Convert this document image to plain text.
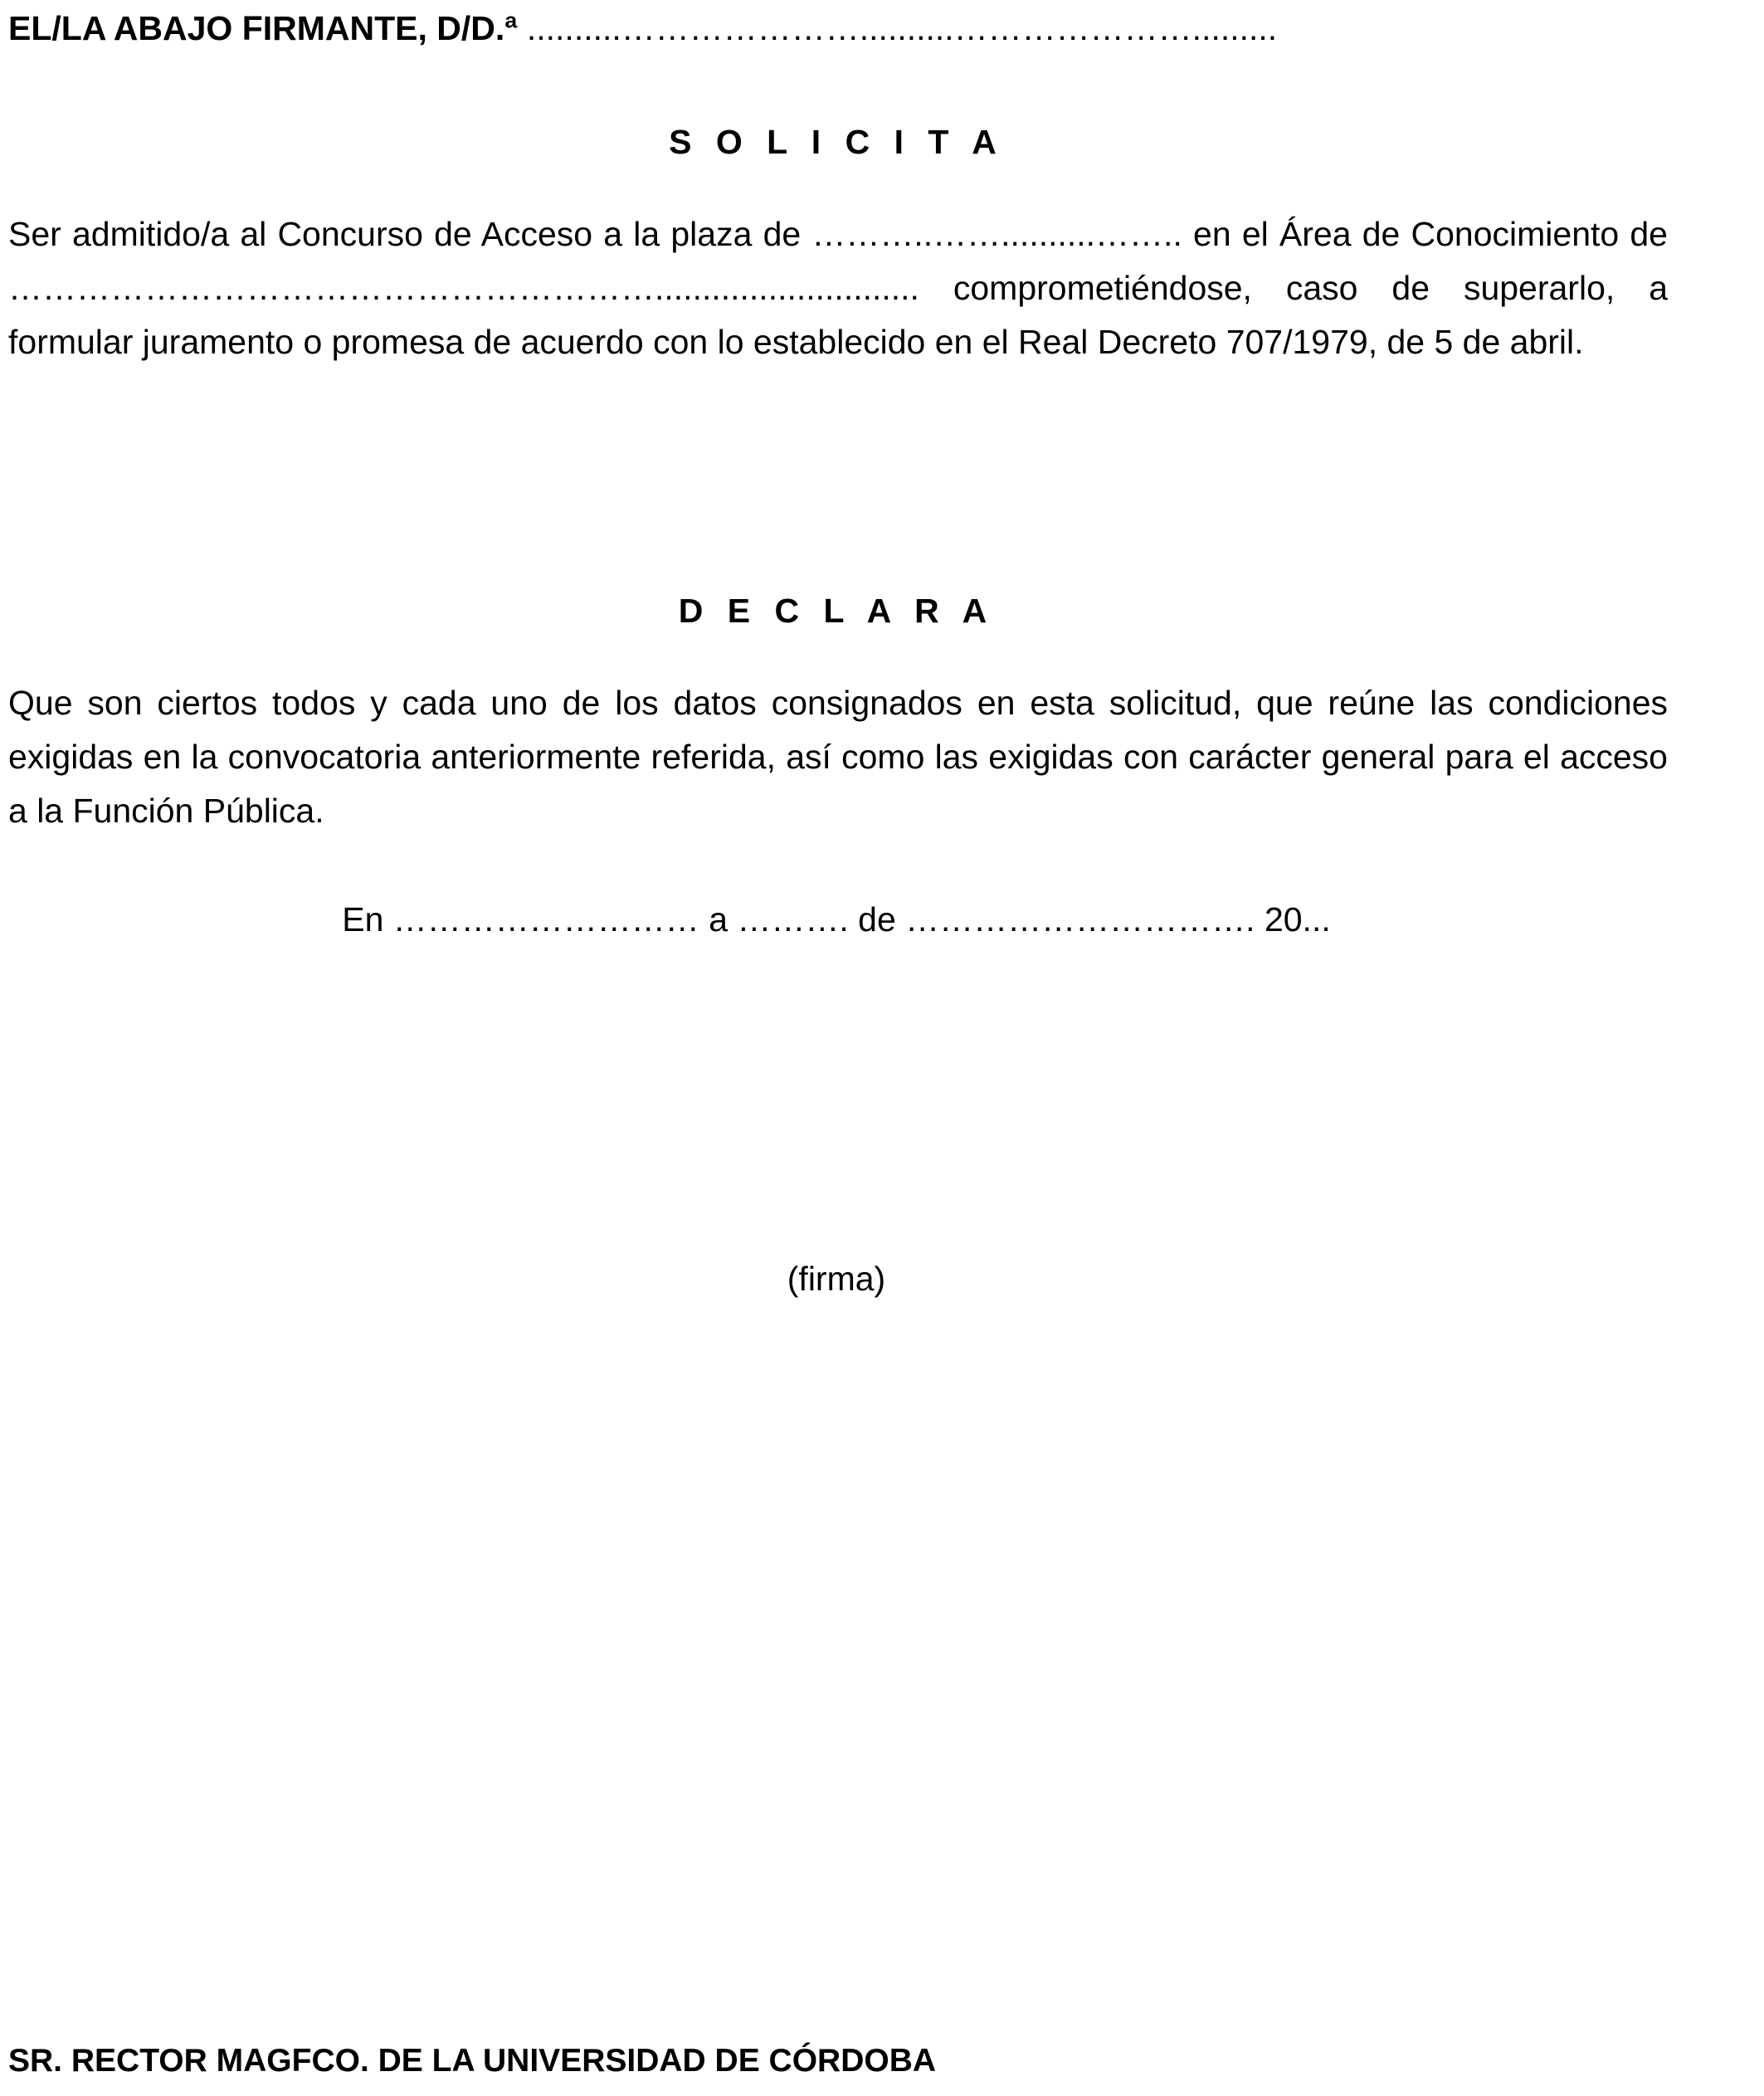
EL/LA ABAJO FIRMANTE, D/D.ª ..........…………………..........………………….........
S O L I C I T A
Ser admitido/a al Concurso de Acceso a la plaza de ………..……..........…….. en el Área de Conocimiento de …………………………………………………............................ comprometiéndose, caso de superarlo, a formular juramento o promesa de acuerdo con lo establecido en el Real Decreto 707/1979, de 5 de abril.
D E C L A R A
Que son ciertos todos y cada uno de los datos consignados en esta solicitud, que reúne las condiciones exigidas en la convocatoria anteriormente referida, así como las exigidas con carácter general para el acceso a la Función Pública.
En ……………………… a ………. de …………………………. 20...
(firma)
SR. RECTOR MAGFCO. DE LA UNIVERSIDAD DE CÓRDOBA
